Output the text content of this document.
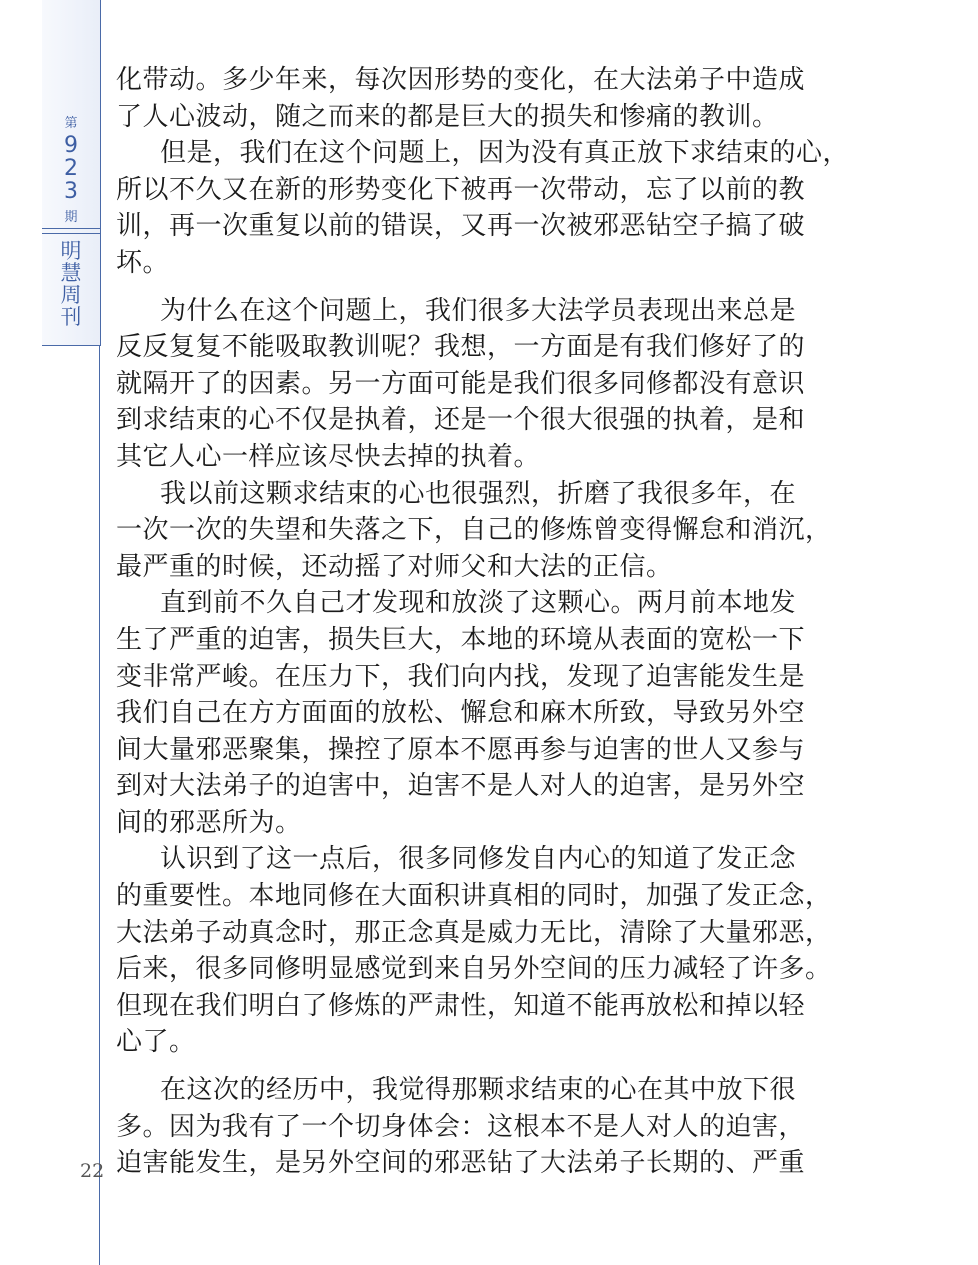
第
9
2
3
期
明
慧
周
刊

化带动。多少年来，每次因形势的变化，在大法弟子中造成

了人心波动，随之而来的都是巨大的损失和惨痛的教训。

但是，我们在这个问题上，因为没有真正放下求结束的心，

所以不久又在新的形势变化下被再一次带动，忘了以前的教

训，再一次重复以前的错误，又再一次被邪恶钻空子搞了破

坏。

为什么在这个问题上，我们很多大法学员表现出来总是

反反复复不能吸取教训呢？我想，一方面是有我们修好了的

就隔开了的因素。另一方面可能是我们很多同修都没有意识

到求结束的心不仅是执着，还是一个很大很强的执着，是和

其它人心一样应该尽快去掉的执着。

我以前这颗求结束的心也很强烈，折磨了我很多年，在

一次一次的失望和失落之下，自己的修炼曾变得懈怠和消沉，

最严重的时候，还动摇了对师父和大法的正信。

直到前不久自己才发现和放淡了这颗心。两月前本地发

生了严重的迫害，损失巨大，本地的环境从表面的宽松一下

变非常严峻。在压力下，我们向内找，发现了迫害能发生是

我们自己在方方面面的放松、懈怠和麻木所致，导致另外空

间大量邪恶聚集，操控了原本不愿再参与迫害的世人又参与

到对大法弟子的迫害中，迫害不是人对人的迫害，是另外空

间的邪恶所为。

认识到了这一点后，很多同修发自内心的知道了发正念

的重要性。本地同修在大面积讲真相的同时，加强了发正念，

大法弟子动真念时，那正念真是威力无比，清除了大量邪恶，

后来，很多同修明显感觉到来自另外空间的压力减轻了许多。

但现在我们明白了修炼的严肃性，知道不能再放松和掉以轻

心了。

在这次的经历中，我觉得那颗求结束的心在其中放下很

多。因为我有了一个切身体会：这根本不是人对人的迫害，

迫害能发生，是另外空间的邪恶钻了大法弟子长期的、严重

22
